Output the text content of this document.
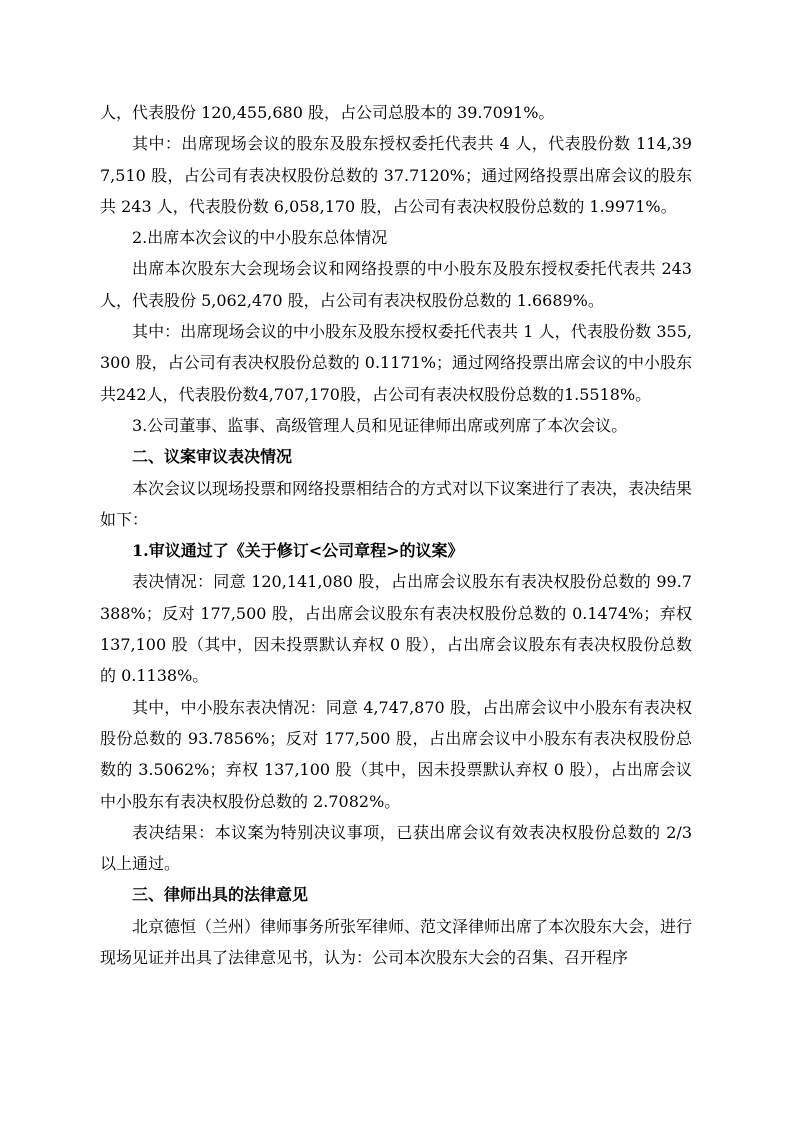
人，代表股份 120,455,680 股，占公司总股本的 39.7091%。

其中：出席现场会议的股东及股东授权委托代表共 4 人，代表股份数 114,397,510 股，占公司有表决权股份总数的 37.7120%；通过网络投票出席会议的股东共 243 人，代表股份数 6,058,170 股，占公司有表决权股份总数的 1.9971%。

2.出席本次会议的中小股东总体情况

出席本次股东大会现场会议和网络投票的中小股东及股东授权委托代表共 243 人，代表股份 5,062,470 股，占公司有表决权股份总数的 1.6689%。

其中：出席现场会议的中小股东及股东授权委托代表共 1 人，代表股份数 355,300 股，占公司有表决权股份总数的 0.1171%；通过网络投票出席会议的中小股东共242人，代表股份数4,707,170股，占公司有表决权股份总数的1.5518%。

3.公司董事、监事、高级管理人员和见证律师出席或列席了本次会议。

二、议案审议表决情况

本次会议以现场投票和网络投票相结合的方式对以下议案进行了表决，表决结果如下：

1.审议通过了《关于修订<公司章程>的议案》

表决情况：同意 120,141,080 股，占出席会议股东有表决权股份总数的 99.7388%；反对 177,500 股，占出席会议股东有表决权股份总数的 0.1474%；弃权 137,100 股（其中，因未投票默认弃权 0 股），占出席会议股东有表决权股份总数的 0.1138%。

其中，中小股东表决情况：同意 4,747,870 股，占出席会议中小股东有表决权股份总数的 93.7856%；反对 177,500 股，占出席会议中小股东有表决权股份总数的 3.5062%；弃权 137,100 股（其中，因未投票默认弃权 0 股），占出席会议中小股东有表决权股份总数的 2.7082%。

表决结果：本议案为特别决议事项，已获出席会议有效表决权股份总数的 2/3 以上通过。

三、律师出具的法律意见

北京德恒（兰州）律师事务所张军律师、范文泽律师出席了本次股东大会，进行现场见证并出具了法律意见书，认为：公司本次股东大会的召集、召开程序
